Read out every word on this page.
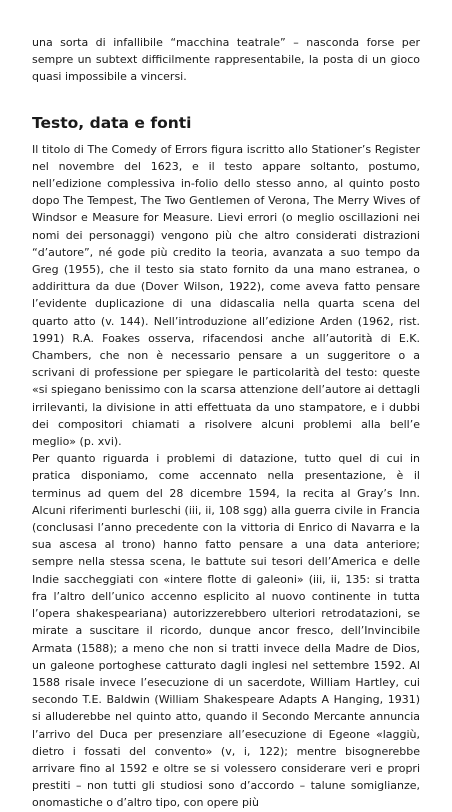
una sorta di infallibile “macchina teatrale” – nasconda forse per sempre un subtext difficilmente rappresentabile, la posta di un gioco quasi impossibile a vincersi.

Testo, data e fonti

Il titolo di The Comedy of Errors figura iscritto allo Stationer’s Register nel novembre del 1623, e il testo appare soltanto, postumo, nell’edizione complessiva in-folio dello stesso anno, al quinto posto dopo The Tempest, The Two Gentlemen of Verona, The Merry Wives of Windsor e Measure for Measure. Lievi errori (o meglio oscillazioni nei nomi dei personaggi) vengono più che altro considerati distrazioni “d’autore”, né gode più credito la teoria, avanzata a suo tempo da Greg (1955), che il testo sia stato fornito da una mano estranea, o addirittura da due (Dover Wilson, 1922), come aveva fatto pensare l’evidente duplicazione di una didascalia nella quarta scena del quarto atto (v. 144). Nell’introduzione all’edizione Arden (1962, rist. 1991) R.A. Foakes osserva, rifacendosi anche all’autorità di E.K. Chambers, che non è necessario pensare a un suggeritore o a scrivani di professione per spiegare le particolarità del testo: queste «si spiegano benissimo con la scarsa attenzione dell’autore ai dettagli irrilevanti, la divisione in atti effettuata da uno stampatore, e i dubbi dei compositori chiamati a risolvere alcuni problemi alla bell’e meglio» (p. xvi).

Per quanto riguarda i problemi di datazione, tutto quel di cui in pratica disponiamo, come accennato nella presentazione, è il terminus ad quem del 28 dicembre 1594, la recita al Gray’s Inn. Alcuni riferimenti burleschi (iii, ii, 108 sgg) alla guerra civile in Francia (conclusasi l’anno precedente con la vittoria di Enrico di Navarra e la sua ascesa al trono) hanno fatto pensare a una data anteriore; sempre nella stessa scena, le battute sui tesori dell’America e delle Indie saccheggiati con «intere flotte di galeoni» (iii, ii, 135: si tratta fra l’altro dell’unico accenno esplicito al nuovo continente in tutta l’opera shakespeariana) autorizzerebbero ulteriori retrodatazioni, se mirate a suscitare il ricordo, dunque ancor fresco, dell’Invincibile Armata (1588); a meno che non si tratti invece della Madre de Dios, un galeone portoghese catturato dagli inglesi nel settembre 1592. Al 1588 risale invece l’esecuzione di un sacerdote, William Hartley, cui secondo T.E. Baldwin (William Shakespeare Adapts A Hanging, 1931) si alluderebbe nel quinto atto, quando il Secondo Mercante annuncia l’arrivo del Duca per presenziare all’esecuzione di Egeone «laggiù, dietro i fossati del convento» (v, i, 122); mentre bisognerebbe arrivare fino al 1592 e oltre se si volessero considerare veri e propri prestiti – non tutti gli studiosi sono d’accordo – talune somiglianze, onomastiche o d’altro tipo, con opere più
